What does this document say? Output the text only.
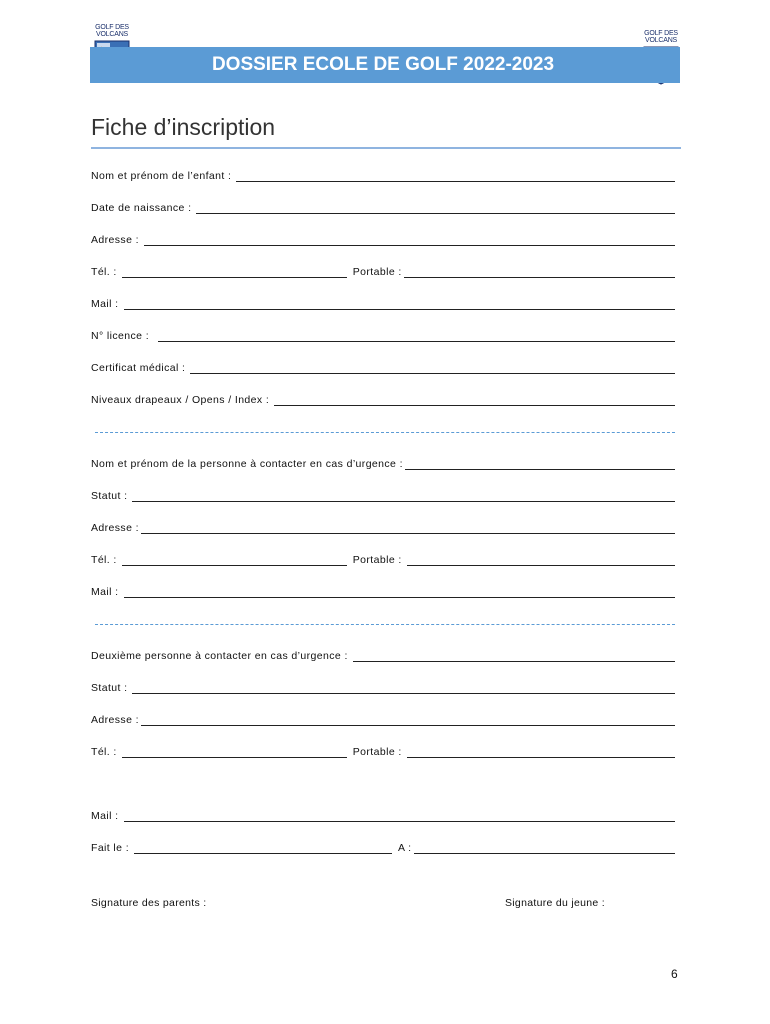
GOLF DES
VOLCANS	GOLF DES
VOLCANS
DOSSIER ECOLE DE GOLF 2022-2023
Fiche d’inscription
Nom et prénom de l’enfant :
Date de naissance :
Adresse :
Tél. :	Portable :
Mail :
N° licence :
Certificat médical :
Niveaux drapeaux / Opens / Index :
Nom et prénom de la personne à contacter en cas d’urgence :
Statut :
Adresse :
Tél. :	Portable :
Mail :
Deuxième personne à contacter en cas d’urgence :
Statut :
Adresse :
Tél. :	Portable :
Mail :
Fait le :	A :
Signature des parents :	Signature du jeune :
6
